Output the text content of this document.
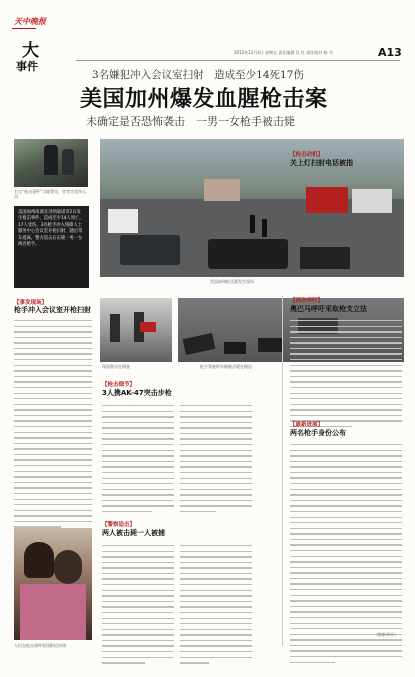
天中晚报
大
事件
2015年12月4日 星期五 责任编辑 吴 红 责任校对 杨 书	A13
3名嫌犯冲入会议室扫射　造成至少14死17伤
美国加州爆发血腥枪击案
未确定是否恐怖袭击　一男一女枪手被击毙
右为“枪击事件”当地警员，旁者为受伤人员
美国加州南部圣贝纳迪诺市2日发生枪击事件，造成至少14人死亡，17人受伤。3名枪手冲入残障人士服务中心会议室开枪扫射，随后驾车逃离，警方追击后击毙一男一女两名枪手。
美国加州枪击案发生现场
【事发现场】
枪手冲入会议室开枪扫射
现场警员在调查	枪手驾驶的车辆被击毙在路边
【枪击细节】
3人携AK-47突击步枪
【警察追击】
两人被击毙一人被捕
人们在枪击事件现场附近祈祷
【枪击动机】
关上灯扫射电话被指
【再次呼吁】
奥巴马呼吁采取枪支立法
【最新进展】
两名枪手身份公布
（据新华社）
